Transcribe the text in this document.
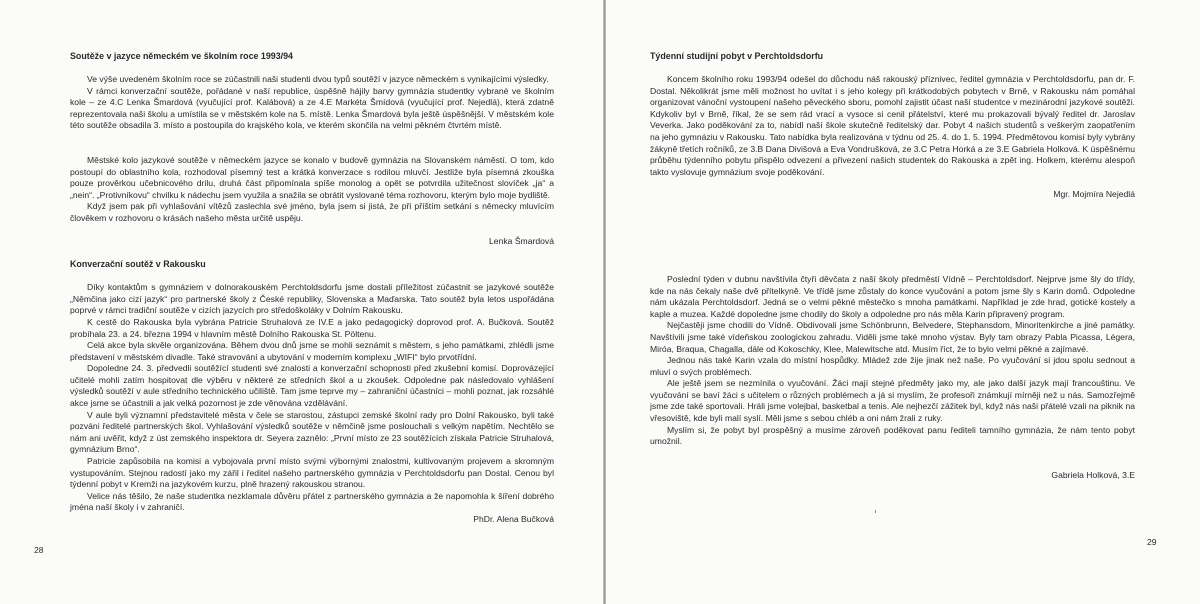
Soutěže v jazyce německém ve školním roce 1993/94

Ve výše uvedeném školním roce se zúčastnili naši studenti dvou typů soutěží v jazyce německém s vynikajícími výsledky.

V rámci konverzační soutěže, pořádané v naší republice, úspěšně hájily barvy gymnázia studentky vybrané ve školním kole – ze 4.C Lenka Šmardová (vyučující prof. Kalábová) a ze 4.E Markéta Šmídová (vyučující prof. Nejedlá), která zdatně reprezentovala naši školu a umístila se v městském kole na 5. místě. Lenka Šmardová byla ještě úspěšnější. V městském kole této soutěže obsadila 3. místo a postoupila do krajského kola, ve kterém skončila na velmi pěkném čtvrtém místě.

Městské kolo jazykové soutěže v německém jazyce se konalo v budově gymnázia na Slovanském náměstí. O tom, kdo postoupí do oblastního kola, rozhodoval písemný test a krátká konverzace s rodilou mluvčí. Jestliže byla písemná zkouška pouze prověrkou učebnicového drilu, druhá část připomínala spíše monolog a opět se potvrdila užitečnost slovíček „ja“ a „nein“. „Protivníkovu“ chvilku k nádechu jsem využila a snažila se obrátit vyslované téma rozhovoru, kterým bylo moje bydliště.

Když jsem pak při vyhlašování vítězů zaslechla své jméno, byla jsem si jistá, že při příštím setkání s německy mluvícím člověkem v rozhovoru o krásách našeho města určitě uspěju.

Lenka Šmardová

Konverzační soutěž v Rakousku

Díky kontaktům s gymnáziem v dolnorakouském Perchtoldsdorfu jsme dostali příležitost zúčastnit se jazykové soutěže „Němčina jako cizí jazyk“ pro partnerské školy z České republiky, Slovenska a Maďarska. Tato soutěž byla letos uspořádána poprvé v rámci tradiční soutěže v cizích jazycích pro středoškoláky v Dolním Rakousku.

K cestě do Rakouska byla vybrána Patricie Struhalová ze IV.E a jako pedagogický doprovod prof. A. Bučková. Soutěž probíhala 23. a 24. března 1994 v hlavním městě Dolního Rakouska St. Pöltenu.

Celá akce byla skvěle organizována. Během dvou dnů jsme se mohli seznámit s městem, s jeho památkami, zhlédli jsme představení v městském divadle. Také stravování a ubytování v moderním komplexu „WIFI“ bylo prvotřídní.

Dopoledne 24. 3. předvedli soutěžící studenti své znalosti a konverzační schopnosti před zkušební komisí. Doprovázející učitelé mohli zatím hospitovat dle výběru v některé ze středních škol a u zkoušek. Odpoledne pak následovalo vyhlášení výsledků soutěží v aule středního technického učiliště. Tam jsme teprve my – zahraniční účastníci – mohli poznat, jak rozsáhlé akce jsme se účastnili a jak velká pozornost je zde věnována vzdělávání.

V aule byli významní představitelé města v čele se starostou, zástupci zemské školní rady pro Dolní Rakousko, byli také pozváni ředitelé partnerských škol. Vyhlašování výsledků soutěže v němčině jsme poslouchali s velkým napětím. Nechtělo se nám ani uvěřit, když z úst zemského inspektora dr. Seyera zaznělo: „První místo ze 23 soutěžících získala Patricie Struhalová, gymnázium Brno“.

Patricie zapůsobila na komisi a vybojovala první místo svými výbornými znalostmi, kultivovaným projevem a skromným vystupováním. Stejnou radostí jako my zářil i ředitel našeho partnerského gymnázia v Perchtoldsdorfu pan Dostal. Cenou byl týdenní pobyt v Kremži na jazykovém kurzu, plně hrazený rakouskou stranou.

Velice nás těšilo, že naše studentka nezklamala důvěru přátel z partnerského gymnázia a že napomohla k šíření dobrého jména naší školy i v zahraničí.

PhDr. Alena Bučková

28
Týdenní studijní pobyt v Perchtoldsdorfu

Koncem školního roku 1993/94 odešel do důchodu náš rakouský příznivec, ředitel gymnázia v Perchtoldsdorfu, pan dr. F. Dostal. Několikrát jsme měli možnost ho uvítat i s jeho kolegy při krátkodobých pobytech v Brně, v Rakousku nám pomáhal organizovat vánoční vystoupení našeho pěveckého sboru, pomohl zajistit účast naší studentce v mezinárodní jazykové soutěži. Kdykoliv byl v Brně, říkal, že se sem rád vrací a vysoce si cenil přátelství, které mu prokazovali bývalý ředitel dr. Jaroslav Veverka. Jako poděkování za to, nabídl naší škole skutečně ředitelský dar. Pobyt 4 našich studentů s veškerým zaopatřením na jeho gymnáziu v Rakousku. Tato nabídka byla realizována v týdnu od 25. 4. do 1. 5. 1994. Předmětovou komisí byly vybrány žákyně třetích ročníků, ze 3.B Dana Divišová a Eva Vondrušková, ze 3.C Petra Horká a ze 3.E Gabriela Holková. K úspěšnému průběhu týdenního pobytu přispělo odvezení a přivezení našich studentek do Rakouska a zpět ing. Holkem, kterému alespoň takto vyslovuje gymnázium svoje poděkování.

Mgr. Mojmíra Nejedlá

Poslední týden v dubnu navštívila čtyři děvčata z naší školy předměstí Vídně – Perchtoldsdorf. Nejprve jsme šly do třídy, kde na nás čekaly naše dvě přítelkyně. Ve třídě jsme zůstaly do konce vyučování a potom jsme šly s Karin domů. Odpoledne nám ukázala Perchtoldsdorf. Jedná se o velmi pěkné městečko s mnoha památkami. Například je zde hrad, gotické kostely a kaple a muzea. Každé dopoledne jsme chodily do školy a odpoledne pro nás měla Karin připravený program.

Nejčastěji jsme chodili do Vídně. Obdivovali jsme Schönbrunn, Belvedere, Stephansdom, Minoritenkirche a jiné památky. Navštívili jsme také vídeňskou zoologickou zahradu. Viděli jsme také mnoho výstav. Byly tam obrazy Pabla Picassa, Légera, Miróa, Braqua, Chagalla, dále od Kokoschky, Klee, Malewitsche atd. Musím říct, že to bylo velmi pěkné a zajímavé.

Jednou nás také Karin vzala do místní hospůdky. Mládež zde žije jinak než naše. Po vyučování si jdou spolu sednout a mluví o svých problémech.

Ale ještě jsem se nezmínila o vyučování. Žáci mají stejné předměty jako my, ale jako další jazyk mají francouštinu. Ve vyučování se baví žáci s učitelem o různých problémech a já si myslím, že profesoři známkují mírněji než u nás. Samozřejmě jsme zde také sportovali. Hráli jsme volejbal, basketbal a tenis. Ale nejhezčí zážitek byl, když nás naši přátelé vzali na piknik na vřesoviště, kde byli malí syslí. Měli jsme s sebou chléb a oni nám žrali z ruky.

Myslím si, že pobyt byl prospěšný a musíme zároveň poděkovat panu řediteli tamního gymnázia, že nám tento pobyt umožnil.

Gabriela Holková, 3.E

29
